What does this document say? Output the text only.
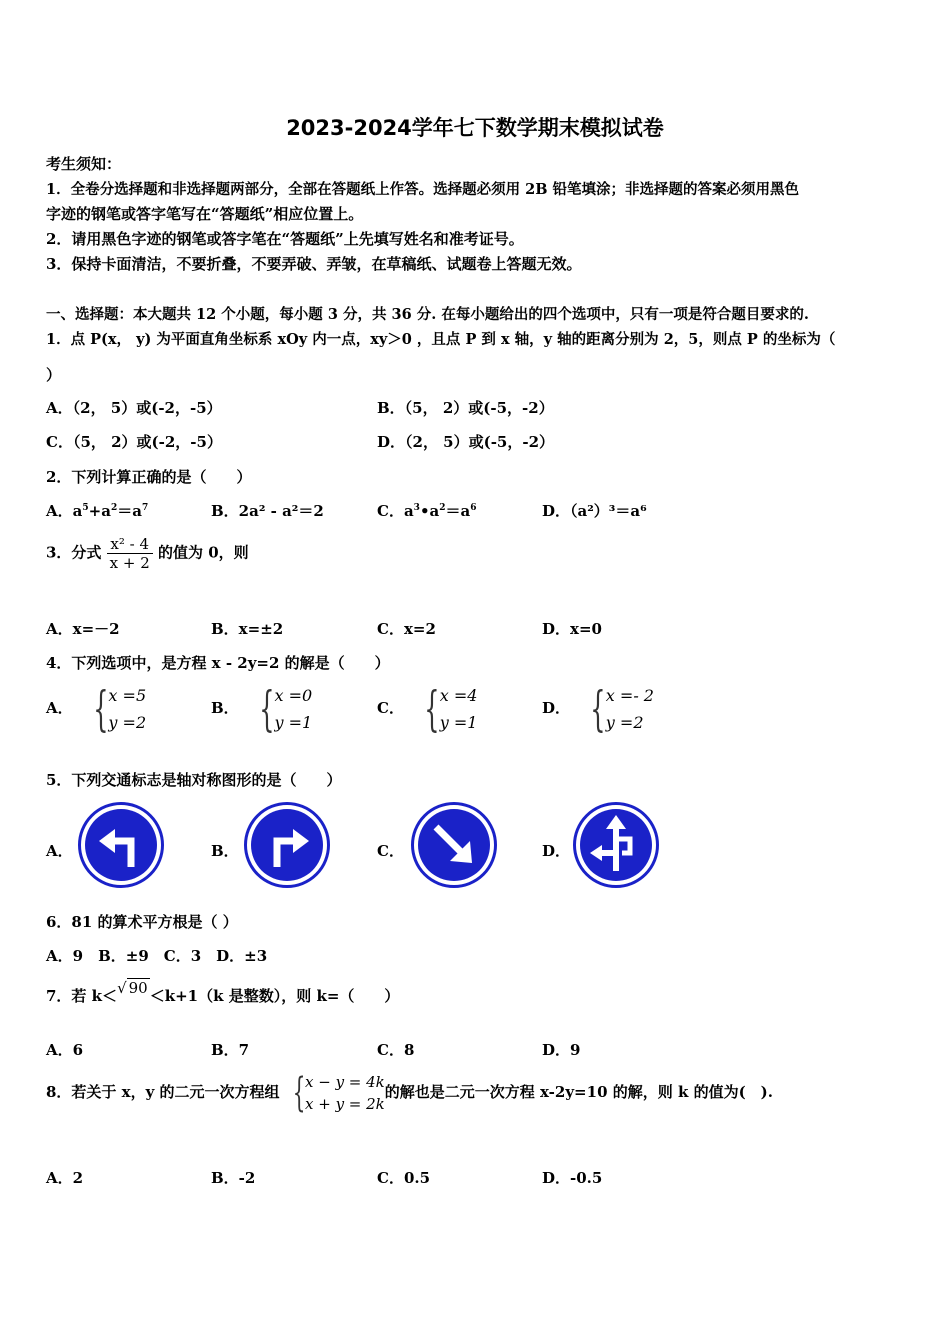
2023-2024学年七下数学期末模拟试卷
考生须知：
1．全卷分选择题和非选择题两部分，全部在答题纸上作答。选择题必须用 2B 铅笔填涂；非选择题的答案必须用黑色
字迹的钢笔或答字笔写在“答题纸”相应位置上。
2．请用黑色字迹的钢笔或答字笔在“答题纸”上先填写姓名和准考证号。
3．保持卡面清洁，不要折叠，不要弄破、弄皱，在草稿纸、试题卷上答题无效。
一、选择题：本大题共 12 个小题，每小题 3 分，共 36 分. 在每小题给出的四个选项中，只有一项是符合题目要求的.
1．点 P(x， y) 为平面直角坐标系 xOy 内一点，xy＞0 ，且点 P 到 x 轴，y 轴的距离分别为 2，5，则点 P 的坐标为（
）
A．（2， 5）或(-2，-5）	B．（5， 2）或(-5，-2）
C．（5， 2）或(-2，-5）	D．（2， 5）或(-5，-2）
2．下列计算正确的是（　　）
A．$a^5+a^2=a^7$	B．2a² - a²＝2	C．$a^3•a^2=a^6$	D．（a²）³＝a⁶
3．分式 $\frac{\text{x² - 4}}{x + 2}$ 的值为 0，则
A．x=－2	B．x=±2	C．x=2	D．x=0
4．下列选项中，是方程 x - 2y=2 的解是（　　）
A． { x =5
y =2
B． { x =0
y =1
C． { x =4
y =1
D． { x =- 2
y =2
5．下列交通标志是轴对称图形的是（　　）
A．	B．	C．	D．
6．81 的算术平方根是（ ）
A．9　B．±9　C．3　D．±3
7．若 k＜√ 90 ＜k+1（k 是整数），则 k=（　　）
A．6	B．7	C．8	D．9
8．若关于 x，y 的二元一次方程组 { x − y = 4k
x + y = 2k
的解也是二元一次方程 x-2y=10 的解，则 k 的值为(　).
A．2	B．-2	C．0.5	D．-0.5
